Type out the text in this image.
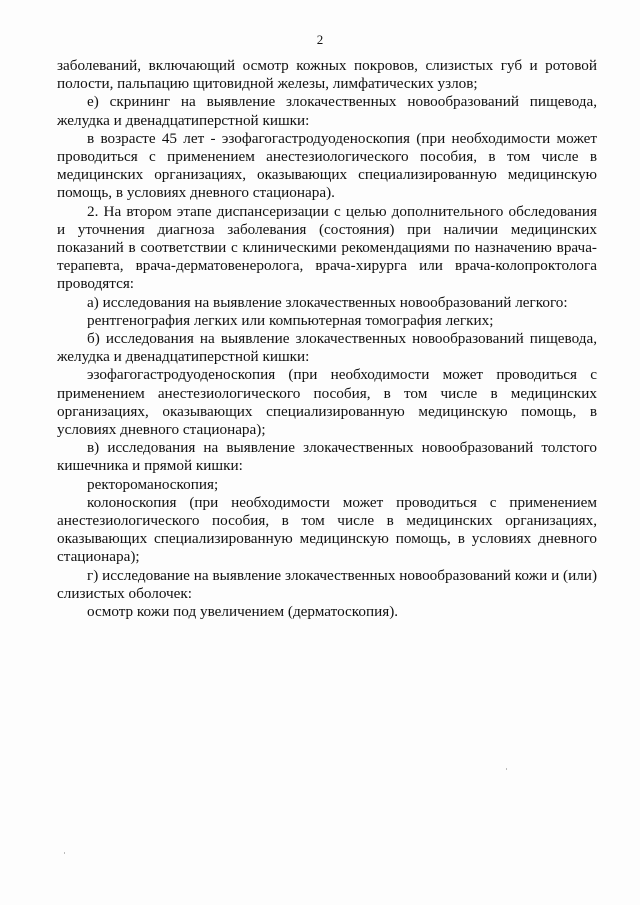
2

заболеваний, включающий осмотр кожных покровов, слизистых губ и ротовой полости, пальпацию щитовидной железы, лимфатических узлов;

е) скрининг на выявление злокачественных новообразований пищевода, желудка и двенадцатиперстной кишки:

в возрасте 45 лет - эзофагогастродуоденоскопия (при необходимости может проводиться с применением анестезиологического пособия, в том числе в медицинских организациях, оказывающих специализированную медицинскую помощь, в условиях дневного стационара).

2. На втором этапе диспансеризации с целью дополнительного обследования и уточнения диагноза заболевания (состояния) при наличии медицинских показаний в соответствии с клиническими рекомендациями по назначению врача-терапевта, врача-дерматовенеролога, врача-хирурга или врача-колопроктолога проводятся:

а) исследования на выявление злокачественных новообразований легкого:

рентгенография легких или компьютерная томография легких;

б) исследования на выявление злокачественных новообразований пищевода, желудка и двенадцатиперстной кишки:

эзофагогастродуоденоскопия (при необходимости может проводиться с применением анестезиологического пособия, в том числе в медицинских организациях, оказывающих специализированную медицинскую помощь, в условиях дневного стационара);

в) исследования на выявление злокачественных новообразований толстого кишечника и прямой кишки:

ректороманоскопия;

колоноскопия (при необходимости может проводиться с применением анестезиологического пособия, в том числе в медицинских организациях, оказывающих специализированную медицинскую помощь, в условиях дневного стационара);

г) исследование на выявление злокачественных новообразований кожи и (или) слизистых оболочек:

осмотр кожи под увеличением (дерматоскопия).
